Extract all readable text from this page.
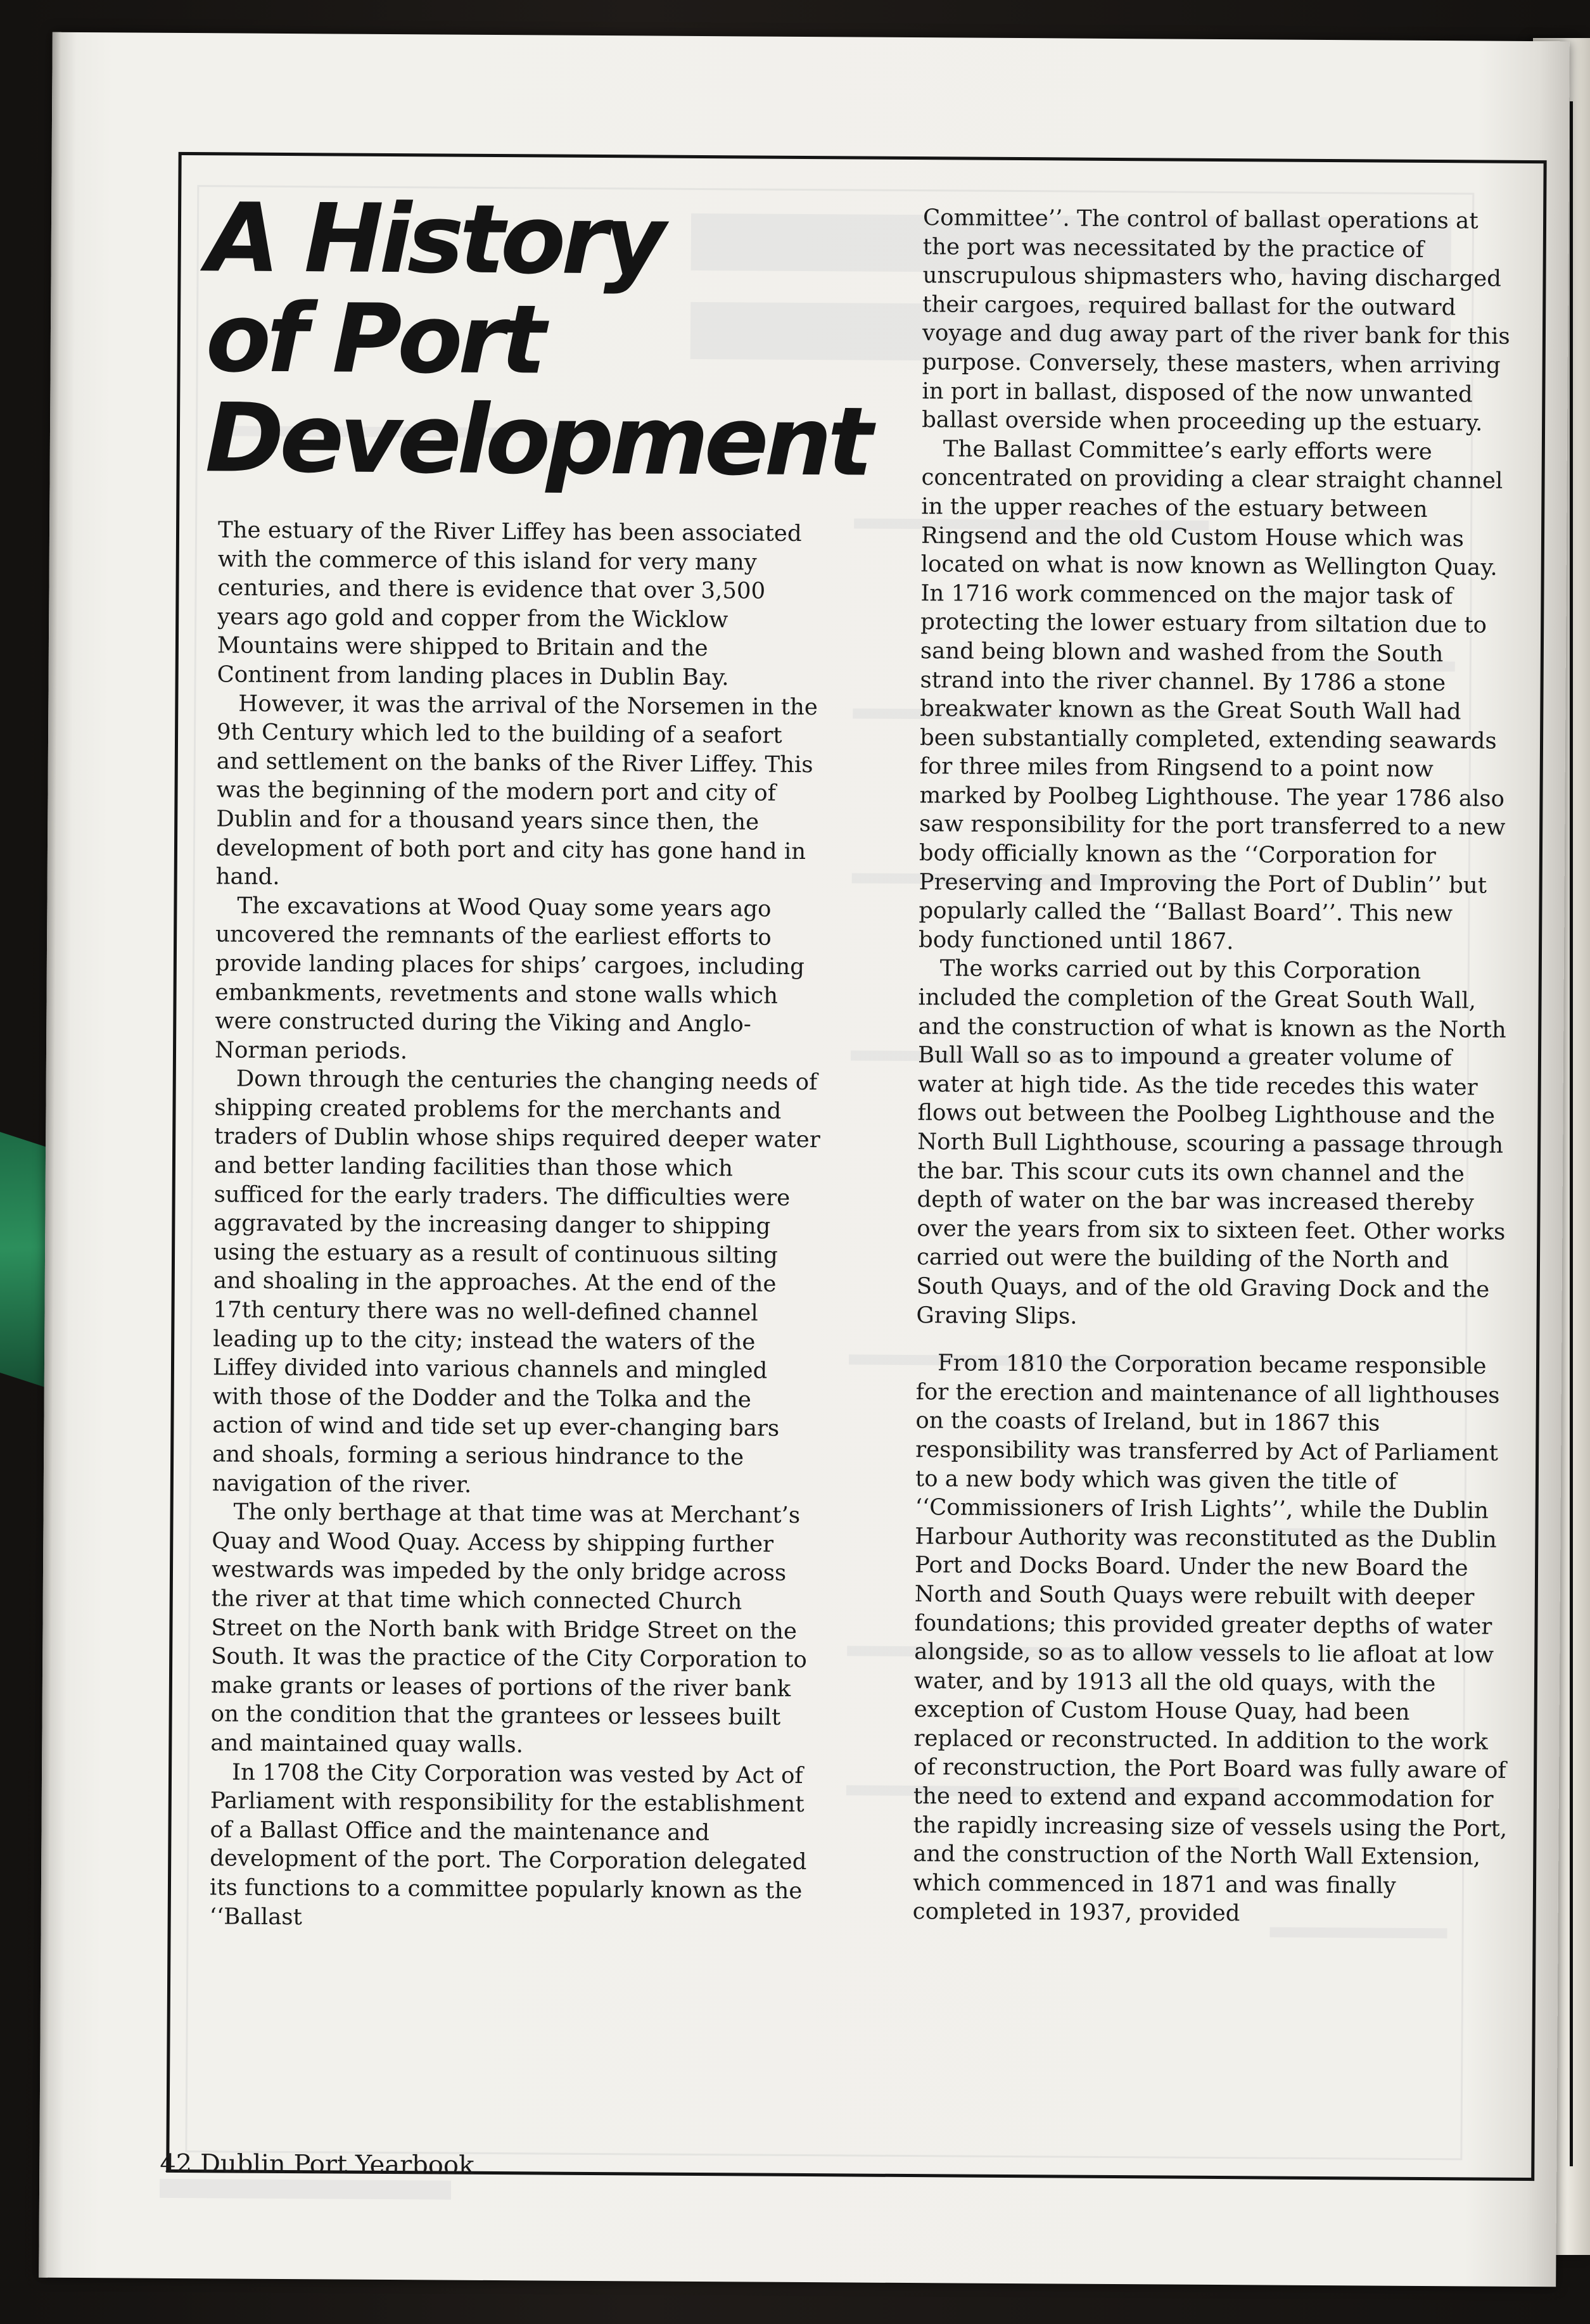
A History
of Port
Development

The estuary of the River Liffey has been associated with the commerce of this island for very many centuries, and there is evidence that over 3,500 years ago gold and copper from the Wicklow Mountains were shipped to Britain and the Continent from landing places in Dublin Bay.

However, it was the arrival of the Norsemen in the 9th Century which led to the building of a seafort and settlement on the banks of the River Liffey. This was the beginning of the modern port and city of Dublin and for a thousand years since then, the development of both port and city has gone hand in hand.

The excavations at Wood Quay some years ago uncovered the remnants of the earliest efforts to provide landing places for ships’ cargoes, including embankments, revetments and stone walls which were constructed during the Viking and Anglo-Norman periods.

Down through the centuries the changing needs of shipping created problems for the merchants and traders of Dublin whose ships required deeper water and better landing facilities than those which sufficed for the early traders. The difficulties were aggravated by the increasing danger to shipping using the estuary as a result of continuous silting and shoaling in the approaches. At the end of the 17th century there was no well-defined channel leading up to the city; instead the waters of the Liffey divided into various channels and mingled with those of the Dodder and the Tolka and the action of wind and tide set up ever-changing bars and shoals, forming a serious hindrance to the navigation of the river.

The only berthage at that time was at Merchant’s Quay and Wood Quay. Access by shipping further westwards was impeded by the only bridge across the river at that time which connected Church Street on the North bank with Bridge Street on the South. It was the practice of the City Corporation to make grants or leases of portions of the river bank on the condition that the grantees or lessees built and maintained quay walls.

In 1708 the City Corporation was vested by Act of Parliament with responsibility for the establishment of a Ballast Office and the maintenance and development of the port. The Corporation delegated its functions to a committee popularly known as the ‘‘Ballast

Committee’’. The control of ballast operations at the port was necessitated by the practice of unscrupulous shipmasters who, having discharged their cargoes, required ballast for the outward voyage and dug away part of the river bank for this purpose. Conversely, these masters, when arriving in port in ballast, disposed of the now unwanted ballast overside when proceeding up the estuary.

The Ballast Committee’s early efforts were concentrated on providing a clear straight channel in the upper reaches of the estuary between Ringsend and the old Custom House which was located on what is now known as Wellington Quay. In 1716 work commenced on the major task of protecting the lower estuary from siltation due to sand being blown and washed from the South strand into the river channel. By 1786 a stone breakwater known as the Great South Wall had been substantially completed, extending seawards for three miles from Ringsend to a point now marked by Poolbeg Lighthouse. The year 1786 also saw responsibility for the port transferred to a new body officially known as the ‘‘Corporation for Preserving and Improving the Port of Dublin’’ but popularly called the ‘‘Ballast Board’’. This new body functioned until 1867.

The works carried out by this Corporation included the completion of the Great South Wall, and the construction of what is known as the North Bull Wall so as to impound a greater volume of water at high tide. As the tide recedes this water flows out between the Poolbeg Lighthouse and the North Bull Lighthouse, scouring a passage through the bar. This scour cuts its own channel and the depth of water on the bar was increased thereby over the years from six to sixteen feet. Other works carried out were the building of the North and South Quays, and of the old Graving Dock and the Graving Slips.

From 1810 the Corporation became responsible for the erection and maintenance of all lighthouses on the coasts of Ireland, but in 1867 this responsibility was transferred by Act of Parliament to a new body which was given the title of ‘‘Commissioners of Irish Lights’’, while the Dublin Harbour Authority was reconstituted as the Dublin Port and Docks Board. Under the new Board the North and South Quays were rebuilt with deeper foundations; this provided greater depths of water alongside, so as to allow vessels to lie afloat at low water, and by 1913 all the old quays, with the exception of Custom House Quay, had been replaced or reconstructed. In addition to the work of reconstruction, the Port Board was fully aware of the need to extend and expand accommodation for the rapidly increasing size of vessels using the Port, and the construction of the North Wall Extension, which commenced in 1871 and was finally completed in 1937, provided

42 Dublin Port Yearbook
